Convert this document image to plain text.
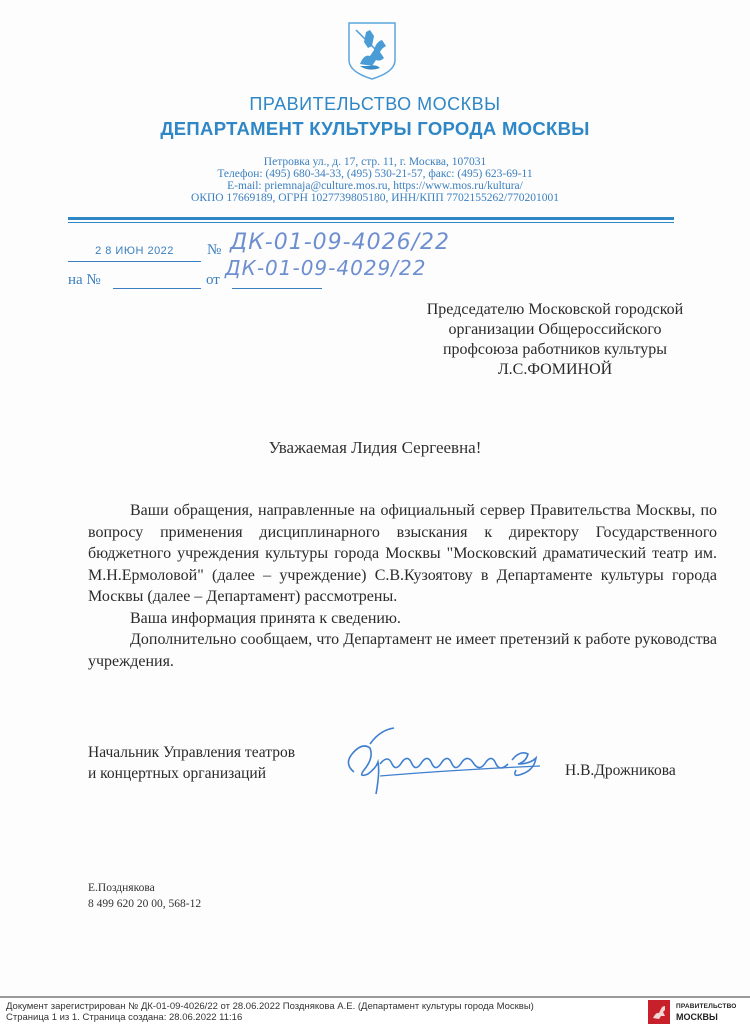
ПРАВИТЕЛЬСТВО МОСКВЫ
ДЕПАРТАМЕНТ КУЛЬТУРЫ ГОРОДА МОСКВЫ
Петровка ул., д. 17, стр. 11, г. Москва, 107031
Телефон: (495) 680-34-33, (495) 530-21-57, факс: (495) 623-69-11
E-mail: priemnaja@culture.mos.ru, https://www.mos.ru/kultura/
ОКПО 17669189, ОГРН 1027739805180, ИНН/КПП 7702155262/770201001
2 8 ИЮН 2022	№ ДК-01-09-4026/22
на №	ДК-01-09-4029/22
от
Председателю Московской городской
организации Общероссийского
профсоюза работников культуры
Л.С.ФОМИНОЙ
Уважаемая Лидия Сергеевна!

Ваши обращения, направленные на официальный сервер Правительства Москвы, по вопросу применения дисциплинарного взыскания к директору Государственного бюджетного учреждения культуры города Москвы "Московский драматический театр им. М.Н.Ермоловой" (далее – учреждение) С.В.Кузоятову в Департаменте культуры города Москвы (далее – Департамент) рассмотрены.

Ваша информация принята к сведению.

Дополнительно сообщаем, что Департамент не имеет претензий к работе руководства учреждения.

Начальник Управления театров
и концертных организаций	Н.В.Дрожникова
Е.Позднякова
8 499 620 20 00, 568-12
Документ зарегистрирован № ДК-01-09-4026/22 от 28.06.2022 Позднякова А.Е. (Департамент культуры города Москвы)
Страница 1 из 1. Страница создана: 28.06.2022 11:16
ПРАВИТЕЛЬСТВО
МОСКВЫ
